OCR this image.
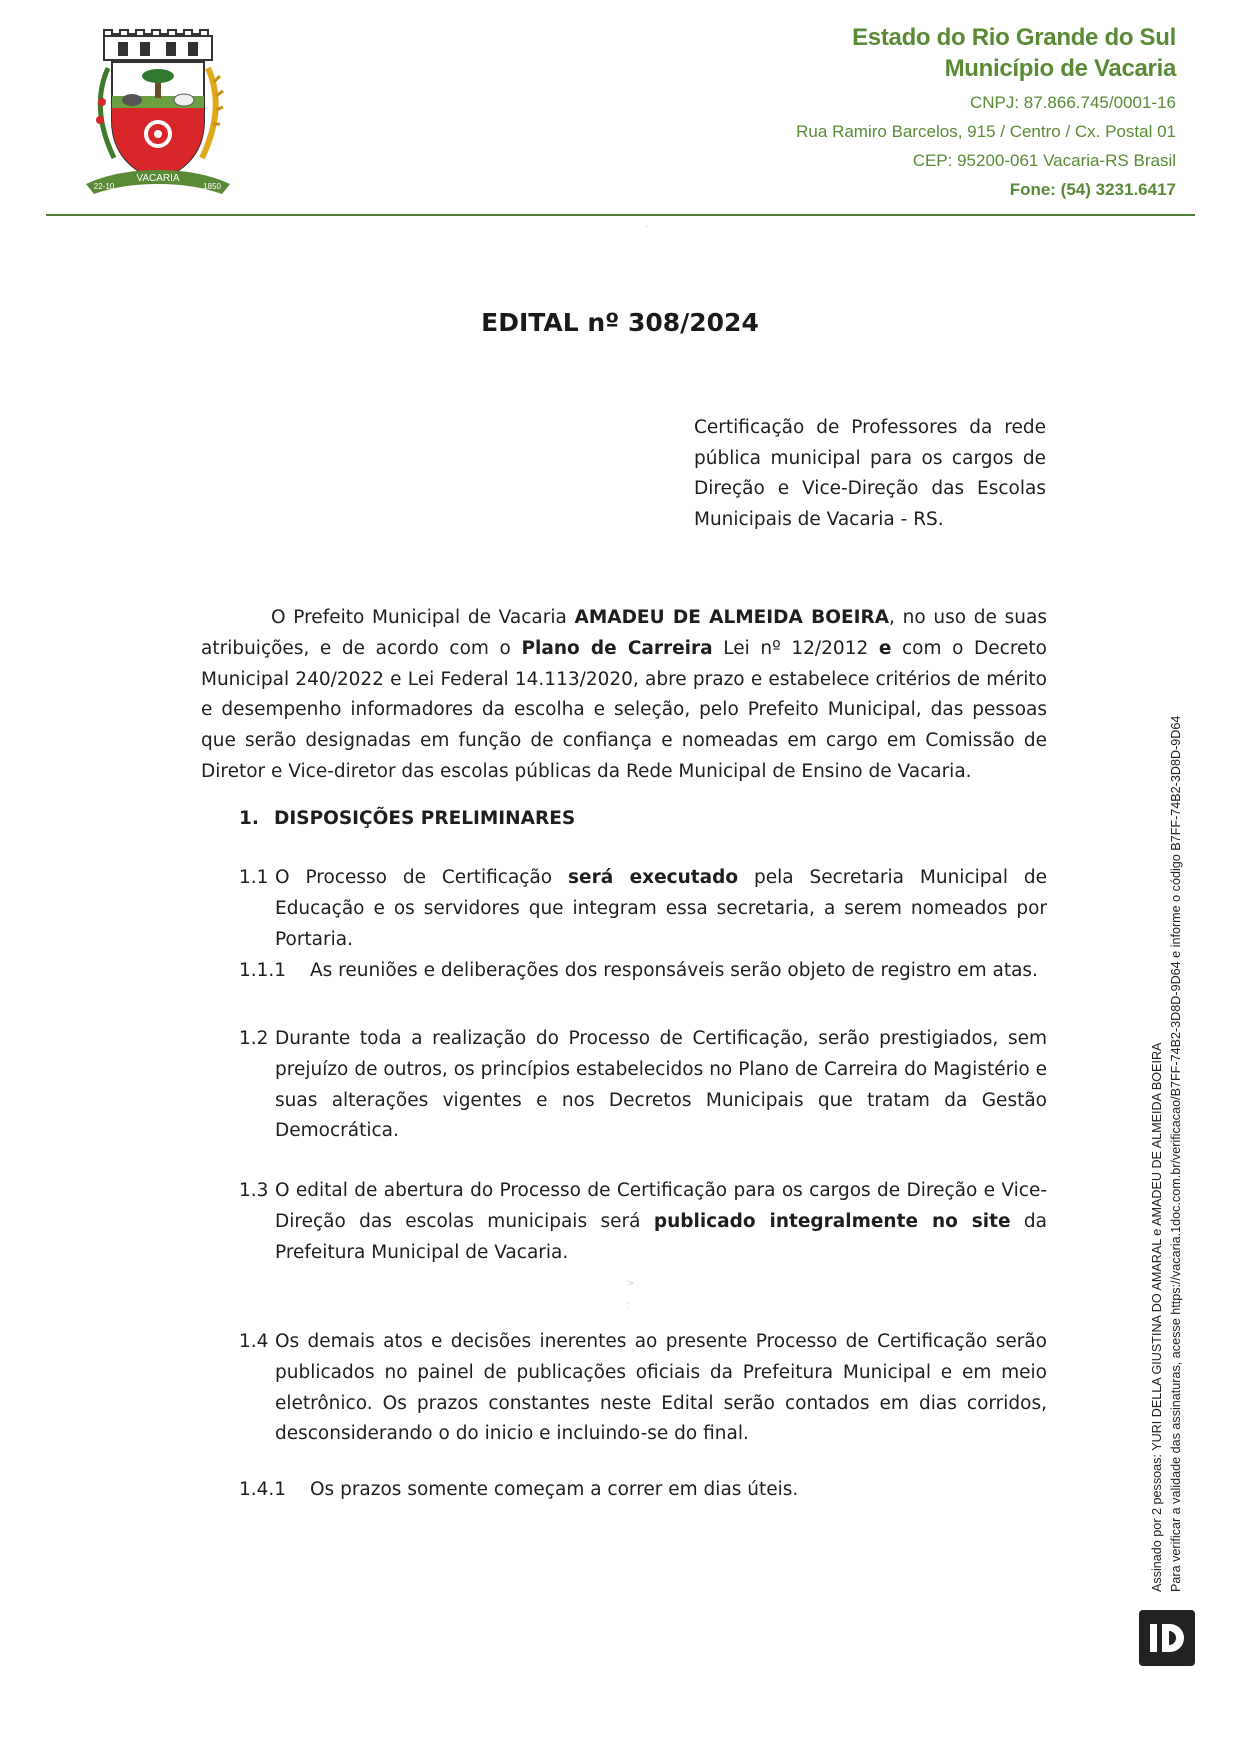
VACARIA
22-10	1850
Estado do Rio Grande do Sul
Município de Vacaria
CNPJ: 87.866.745/0001-16
Rua Ramiro Barcelos, 915 / Centro / Cx. Postal 01
CEP: 95200-061 Vacaria-RS Brasil
Fone: (54) 3231.6417
'
EDITAL nº 308/2024
Certificação de Professores da rede pública municipal para os cargos de Direção e Vice-Direção das Escolas Municipais de Vacaria - RS.

O Prefeito Municipal de Vacaria AMADEU DE ALMEIDA BOEIRA, no uso de suas atribuições, e de acordo com o Plano de Carreira Lei nº 12/2012 e com o Decreto Municipal 240/2022 e Lei Federal 14.113/2020, abre prazo e estabelece critérios de mérito e desempenho informadores da escolha e seleção, pelo Prefeito Municipal, das pessoas que serão designadas em função de confiança e nomeadas em cargo em Comissão de Diretor e Vice-diretor das escolas públicas da Rede Municipal de Ensino de Vacaria.

1. DISPOSIÇÕES PRELIMINARES
1.1 O Processo de Certificação será executado pela Secretaria Municipal de Educação e os servidores que integram essa secretaria, a serem nomeados por Portaria.
1.1.1 As reuniões e deliberações dos responsáveis serão objeto de registro em atas.
1.2 Durante toda a realização do Processo de Certificação, serão prestigiados, sem prejuízo de outros, os princípios estabelecidos no Plano de Carreira do Magistério e suas alterações vigentes e nos Decretos Municipais que tratam da Gestão Democrática.
1.3 O edital de abertura do Processo de Certificação para os cargos de Direção e Vice-Direção das escolas municipais será publicado integralmente no site da Prefeitura Municipal de Vacaria.
>
:
1.4 Os demais atos e decisões inerentes ao presente Processo de Certificação serão publicados no painel de publicações oficiais da Prefeitura Municipal e em meio eletrônico. Os prazos constantes neste Edital serão contados em dias corridos, desconsiderando o do inicio e incluindo-se do final.
1.4.1 Os prazos somente começam a correr em dias úteis.	Assinado por 2 pessoas: YURI DELLA GIUSTINA DO AMARAL e AMADEU DE ALMEIDA BOEIRA Para verificar a validade das assinaturas, acesse https://vacaria.1doc.com.br/verificacao/B7FF-74B2-3D8D-9D64 e informe o código B7FF-74B2-3D8D-9D64
